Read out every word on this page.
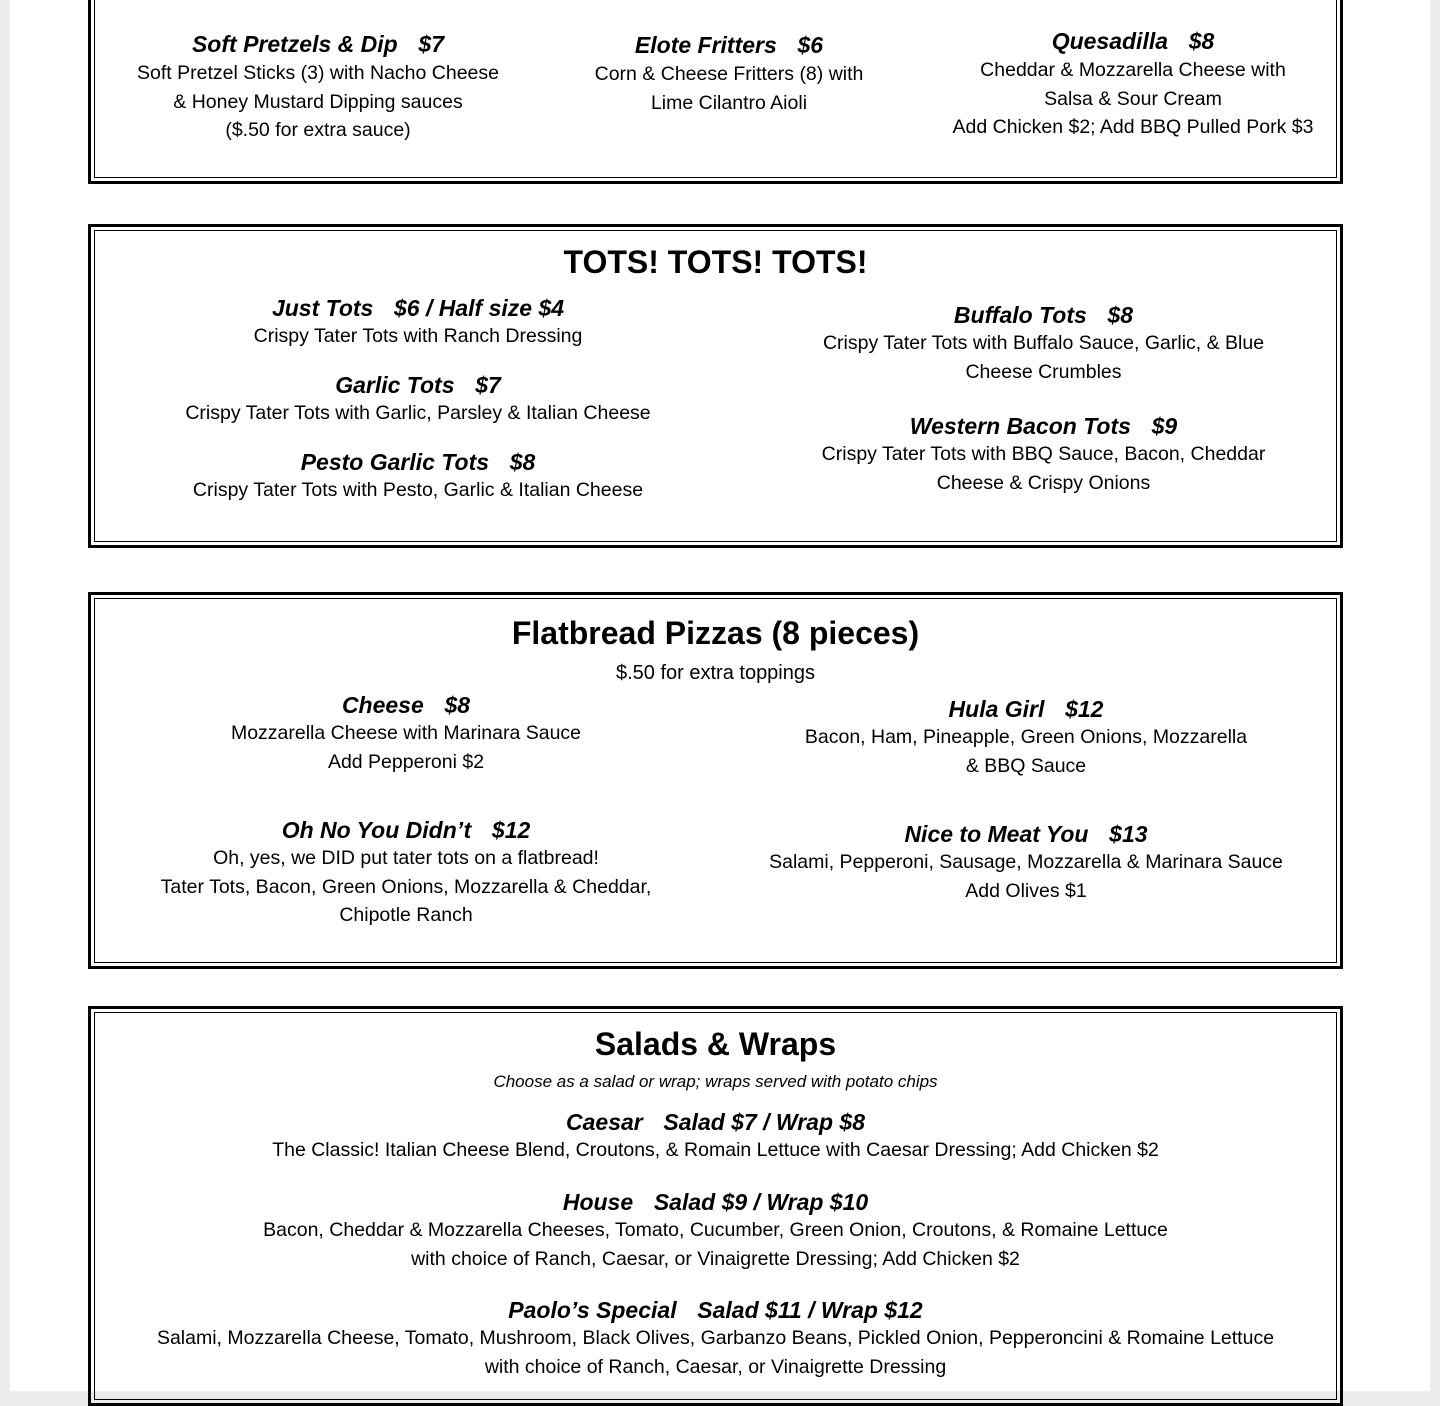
Soft Pretzels & Dip $7
Soft Pretzel Sticks (3) with Nacho Cheese
& Honey Mustard Dipping sauces
($.50 for extra sauce)
Elote Fritters $6
Corn & Cheese Fritters (8) with
Lime Cilantro Aioli
Quesadilla $8
Cheddar & Mozzarella Cheese with
Salsa & Sour Cream
Add Chicken $2; Add BBQ Pulled Pork $3
TOTS! TOTS! TOTS!
Just Tots $6 / Half size $4
Crispy Tater Tots with Ranch Dressing
Garlic Tots $7
Crispy Tater Tots with Garlic, Parsley & Italian Cheese
Pesto Garlic Tots $8
Crispy Tater Tots with Pesto, Garlic & Italian Cheese
Buffalo Tots $8
Crispy Tater Tots with Buffalo Sauce, Garlic, & Blue
Cheese Crumbles
Western Bacon Tots $9
Crispy Tater Tots with BBQ Sauce, Bacon, Cheddar
Cheese & Crispy Onions
Flatbread Pizzas (8 pieces)
$.50 for extra toppings
Cheese $8
Mozzarella Cheese with Marinara Sauce
Add Pepperoni $2
Hula Girl $12
Bacon, Ham, Pineapple, Green Onions, Mozzarella
& BBQ Sauce
Oh No You Didn’t $12
Oh, yes, we DID put tater tots on a flatbread!
Tater Tots, Bacon, Green Onions, Mozzarella & Cheddar,
Chipotle Ranch
Nice to Meat You $13
Salami, Pepperoni, Sausage, Mozzarella & Marinara Sauce
Add Olives $1
Salads & Wraps
Choose as a salad or wrap; wraps served with potato chips
Caesar Salad $7 / Wrap $8
The Classic! Italian Cheese Blend, Croutons, & Romain Lettuce with Caesar Dressing; Add Chicken $2
House Salad $9 / Wrap $10
Bacon, Cheddar & Mozzarella Cheeses, Tomato, Cucumber, Green Onion, Croutons, & Romaine Lettuce
with choice of Ranch, Caesar, or Vinaigrette Dressing; Add Chicken $2
Paolo’s Special Salad $11 / Wrap $12
Salami, Mozzarella Cheese, Tomato, Mushroom, Black Olives, Garbanzo Beans, Pickled Onion, Pepperoncini & Romaine Lettuce
with choice of Ranch, Caesar, or Vinaigrette Dressing
